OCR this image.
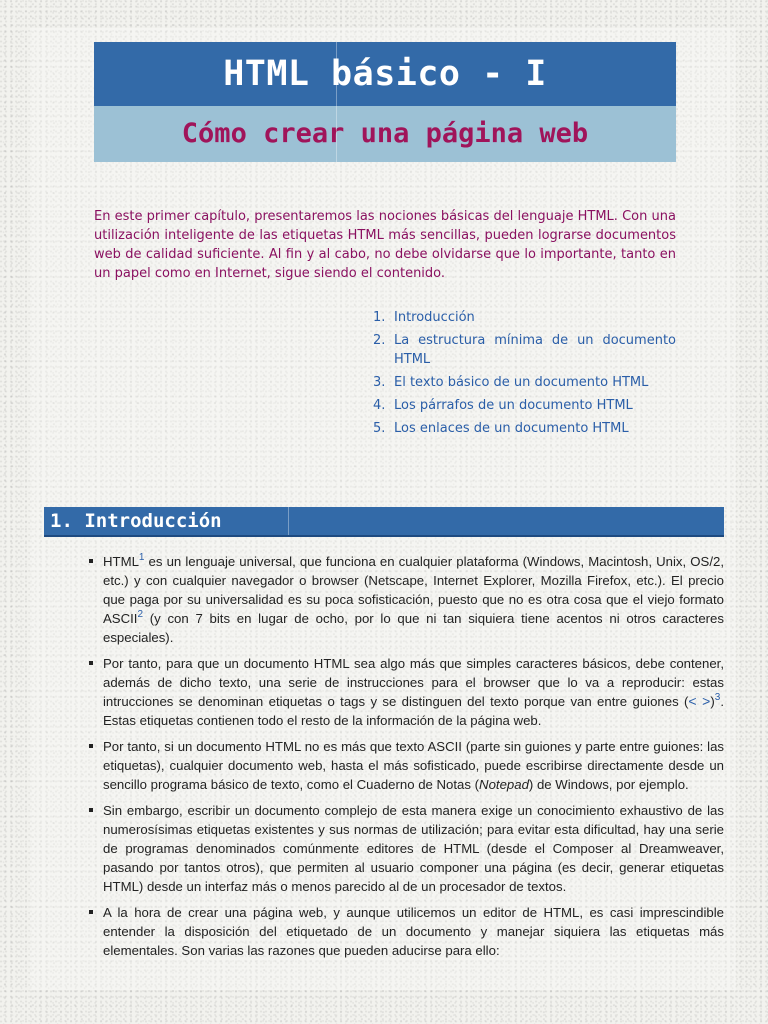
HTML básico - I
Cómo crear una página web

En este primer capítulo, presentaremos las nociones básicas del lenguaje HTML. Con una utilización inteligente de las etiquetas HTML más sencillas, pueden lograrse documentos web de calidad suficiente. Al fin y al cabo, no debe olvidarse que lo importante, tanto en un papel como en Internet, sigue siendo el contenido.

1. Introducción
2. La estructura mínima de un documento HTML
3. El texto básico de un documento HTML
4. Los párrafos de un documento HTML
5. Los enlaces de un documento HTML
1. Introducción
HTML$^1$ es un lenguaje universal, que funciona en cualquier plataforma (Windows, Macintosh, Unix, OS/2, etc.) y con cualquier navegador o browser (Netscape, Internet Explorer, Mozilla Firefox, etc.). El precio que paga por su universalidad es su poca sofisticación, puesto que no es otra cosa que el viejo formato ASCII$^2$ (y con 7 bits en lugar de ocho, por lo que ni tan siquiera tiene acentos ni otros caracteres especiales).
Por tanto, para que un documento HTML sea algo más que simples caracteres básicos, debe contener, además de dicho texto, una serie de instrucciones para el browser que lo va a reproducir: estas intrucciones se denominan etiquetas o tags y se distinguen del texto porque van entre guiones (< >)$^3$. Estas etiquetas contienen todo el resto de la información de la página web.
Por tanto, si un documento HTML no es más que texto ASCII (parte sin guiones y parte entre guiones: las etiquetas), cualquier documento web, hasta el más sofisticado, puede escribirse directamente desde un sencillo programa básico de texto, como el Cuaderno de Notas (Notepad) de Windows, por ejemplo.
Sin embargo, escribir un documento complejo de esta manera exige un conocimiento exhaustivo de las numerosísimas etiquetas existentes y sus normas de utilización; para evitar esta dificultad, hay una serie de programas denominados comúnmente editores de HTML (desde el Composer al Dreamweaver, pasando por tantos otros), que permiten al usuario componer una página (es decir, generar etiquetas HTML) desde un interfaz más o menos parecido al de un procesador de textos.
A la hora de crear una página web, y aunque utilicemos un editor de HTML, es casi imprescindible entender la disposición del etiquetado de un documento y manejar siquiera las etiquetas más elementales. Son varias las razones que pueden aducirse para ello:
